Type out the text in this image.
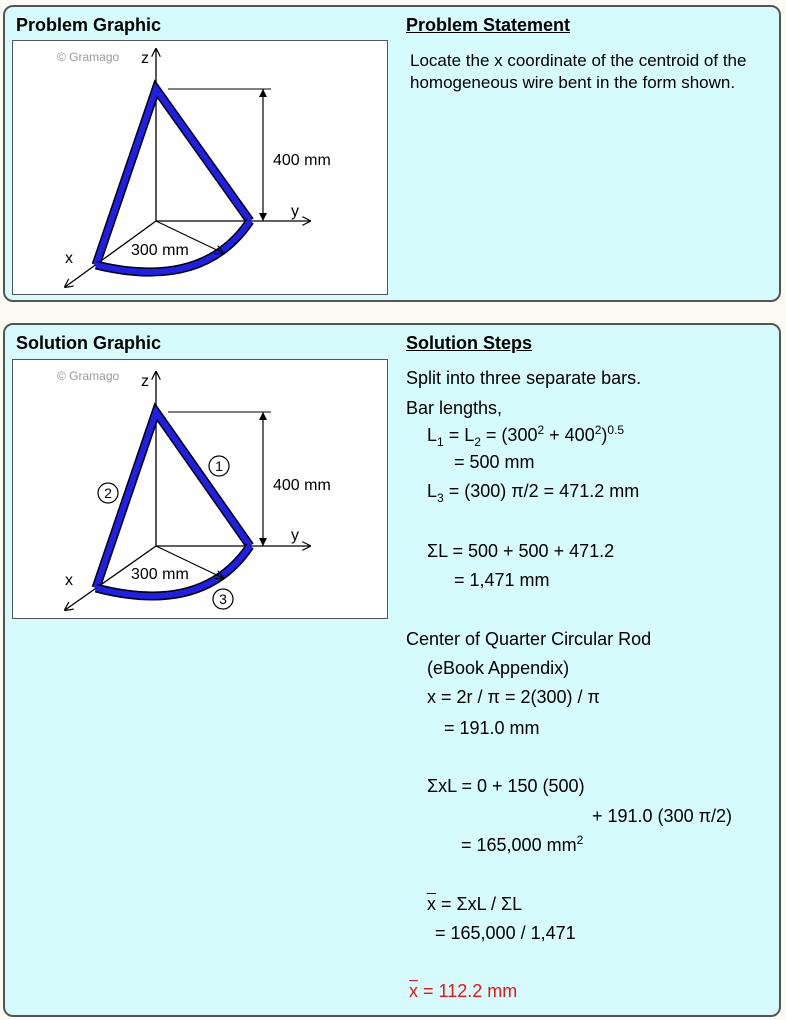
Problem Graphic	Problem Statement
© Gramago z
y
x
400 mm
300 mm
Locate the x coordinate of the centroid of the homogeneous wire bent in the form shown.
Solution Graphic	Solution Steps
1
2
3
© Gramago z
y
x
400 mm
300 mm
Split into three separate bars.
Bar lengths,
$L_1 = L_2 = (300^2 + 400^2)^{0.5}$
= 500 mm
$L_3 = (300) \pi/2 = 471.2$ mm
ΣL = 500 + 500 + 471.2
= 1,471 mm
Center of Quarter Circular Rod
(eBook Appendix)
x = 2r / π = 2(300) / π
= 191.0 mm
ΣxL = 0 + 150 (500)
+ 191.0 (300 π/2)
= 165,000 $mm^2$
$\overline{x} = \Sigma xL / \Sigma L$
= 165,000 / 1,471
$\overline{x} = 112.2$ mm
